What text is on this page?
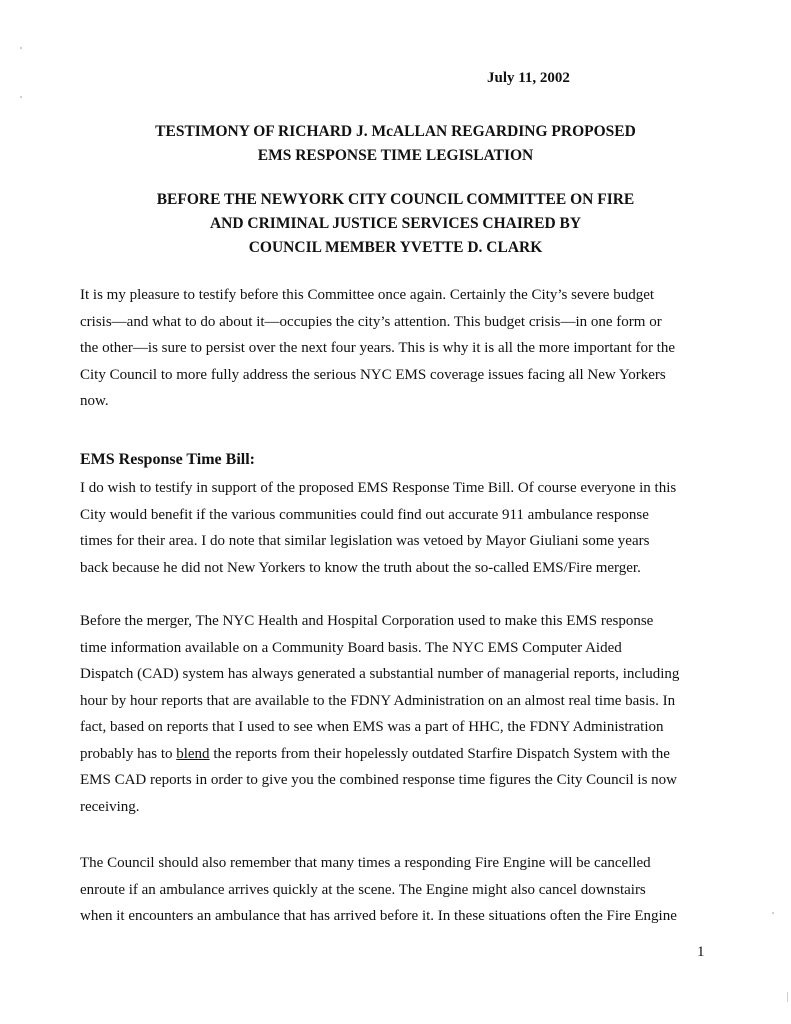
July 11, 2002
TESTIMONY OF RICHARD J. McALLAN REGARDING PROPOSED
EMS RESPONSE TIME LEGISLATION
BEFORE THE NEWYORK CITY COUNCIL COMMITTEE ON FIRE
AND CRIMINAL JUSTICE SERVICES CHAIRED BY
COUNCIL MEMBER YVETTE D. CLARK
It is my pleasure to testify before this Committee once again. Certainly the City’s severe budget
crisis—and what to do about it—occupies the city’s attention. This budget crisis—in one form or
the other—is sure to persist over the next four years. This is why it is all the more important for the
City Council to more fully address the serious NYC EMS coverage issues facing all New Yorkers
now.
EMS Response Time Bill:
I do wish to testify in support of the proposed EMS Response Time Bill. Of course everyone in this
City would benefit if the various communities could find out accurate 911 ambulance response
times for their area. I do note that similar legislation was vetoed by Mayor Giuliani some years
back because he did not New Yorkers to know the truth about the so-called EMS/Fire merger.
Before the merger, The NYC Health and Hospital Corporation used to make this EMS response
time information available on a Community Board basis. The NYC EMS Computer Aided
Dispatch (CAD) system has always generated a substantial number of managerial reports, including
hour by hour reports that are available to the FDNY Administration on an almost real time basis. In
fact, based on reports that I used to see when EMS was a part of HHC, the FDNY Administration
probably has to blend the reports from their hopelessly outdated Starfire Dispatch System with the
EMS CAD reports in order to give you the combined response time figures the City Council is now
receiving.
The Council should also remember that many times a responding Fire Engine will be cancelled
enroute if an ambulance arrives quickly at the scene. The Engine might also cancel downstairs
when it encounters an ambulance that has arrived before it. In these situations often the Fire Engine
1
